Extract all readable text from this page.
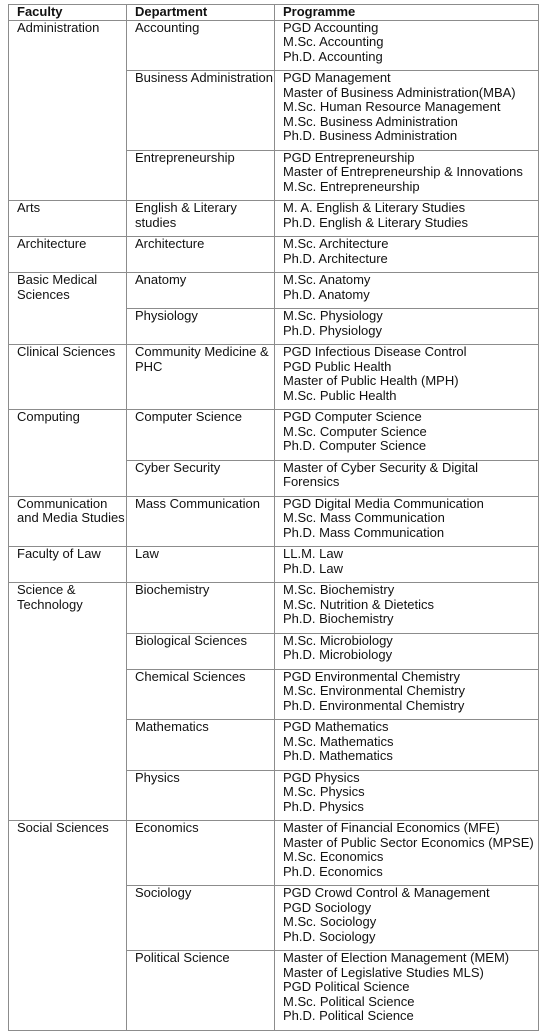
Faculty	Department	Programme
Administration	Accounting	PGD Accounting
M.Sc. Accounting
Ph.D. Accounting

	Business Administration	PGD Management
Master of Business Administration(MBA)
M.Sc. Human Resource Management
M.Sc. Business Administration
Ph.D. Business Administration

	Entrepreneurship	PGD Entrepreneurship
Master of Entrepreneurship & Innovations
M.Sc. Entrepreneurship

Arts	English & Literary studies	M. A. English & Literary Studies
Ph.D. English & Literary Studies

Architecture	Architecture	M.Sc. Architecture
Ph.D. Architecture

Basic Medical Sciences	Anatomy	M.Sc. Anatomy
Ph.D. Anatomy

	Physiology	M.Sc. Physiology
Ph.D. Physiology

Clinical Sciences	Community Medicine & PHC	PGD Infectious Disease Control
PGD Public Health
Master of Public Health (MPH)
M.Sc. Public Health

Computing	Computer Science	PGD Computer Science
M.Sc. Computer Science
Ph.D. Computer Science

	Cyber Security	Master of Cyber Security & Digital Forensics

Communication and Media Studies	Mass Communication	PGD Digital Media Communication
M.Sc. Mass Communication
Ph.D. Mass Communication

Faculty of Law	Law	LL.M. Law
Ph.D. Law

Science & Technology	Biochemistry	M.Sc. Biochemistry
M.Sc. Nutrition & Dietetics
Ph.D. Biochemistry

	Biological Sciences	M.Sc. Microbiology
Ph.D. Microbiology

	Chemical Sciences	PGD Environmental Chemistry
M.Sc. Environmental Chemistry
Ph.D. Environmental Chemistry

	Mathematics	PGD Mathematics
M.Sc. Mathematics
Ph.D. Mathematics

	Physics	PGD Physics
M.Sc. Physics
Ph.D. Physics

Social Sciences	Economics	Master of Financial Economics (MFE)
Master of Public Sector Economics (MPSE)
M.Sc. Economics
Ph.D. Economics

	Sociology	PGD Crowd Control & Management
PGD Sociology
M.Sc. Sociology
Ph.D. Sociology

	Political Science	Master of Election Management (MEM)
Master of Legislative Studies MLS)
PGD Political Science
M.Sc. Political Science
Ph.D. Political Science
